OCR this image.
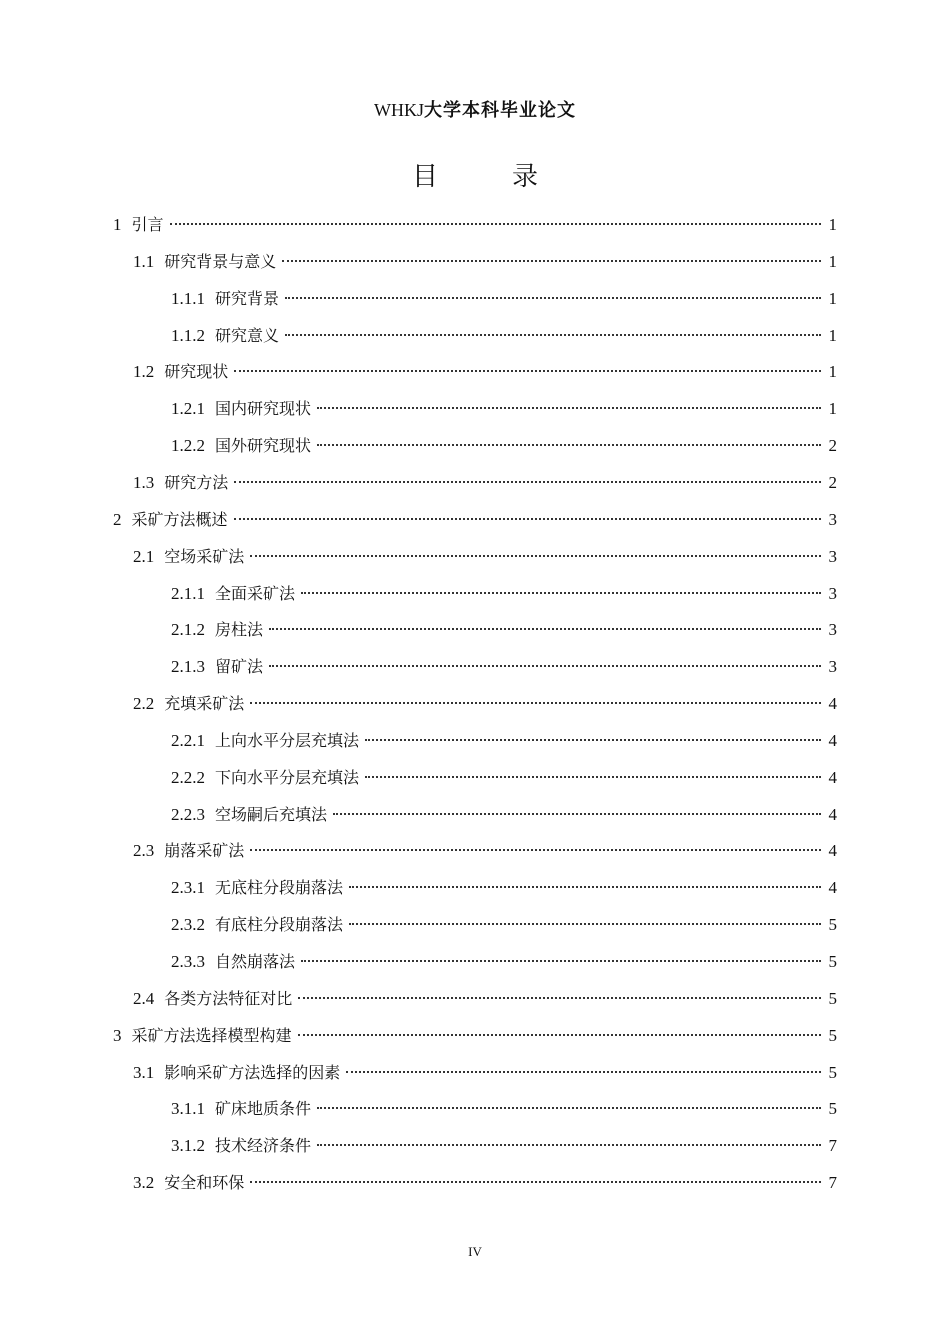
WHKJ大学本科毕业论文
目　录
1 引言	1
1.1 研究背景与意义	1
1.1.1 研究背景	1
1.1.2 研究意义	1
1.2 研究现状	1
1.2.1 国内研究现状	1
1.2.2 国外研究现状	2
1.3 研究方法	2
2 采矿方法概述	3
2.1 空场采矿法	3
2.1.1 全面采矿法	3
2.1.2 房柱法	3
2.1.3 留矿法	3
2.2 充填采矿法	4
2.2.1 上向水平分层充填法	4
2.2.2 下向水平分层充填法	4
2.2.3 空场嗣后充填法	4
2.3 崩落采矿法	4
2.3.1 无底柱分段崩落法	4
2.3.2 有底柱分段崩落法	5
2.3.3 自然崩落法	5
2.4 各类方法特征对比	5
3 采矿方法选择模型构建	5
3.1 影响采矿方法选择的因素	5
3.1.1 矿床地质条件	5
3.1.2 技术经济条件	7
3.2 安全和环保	7
IV
